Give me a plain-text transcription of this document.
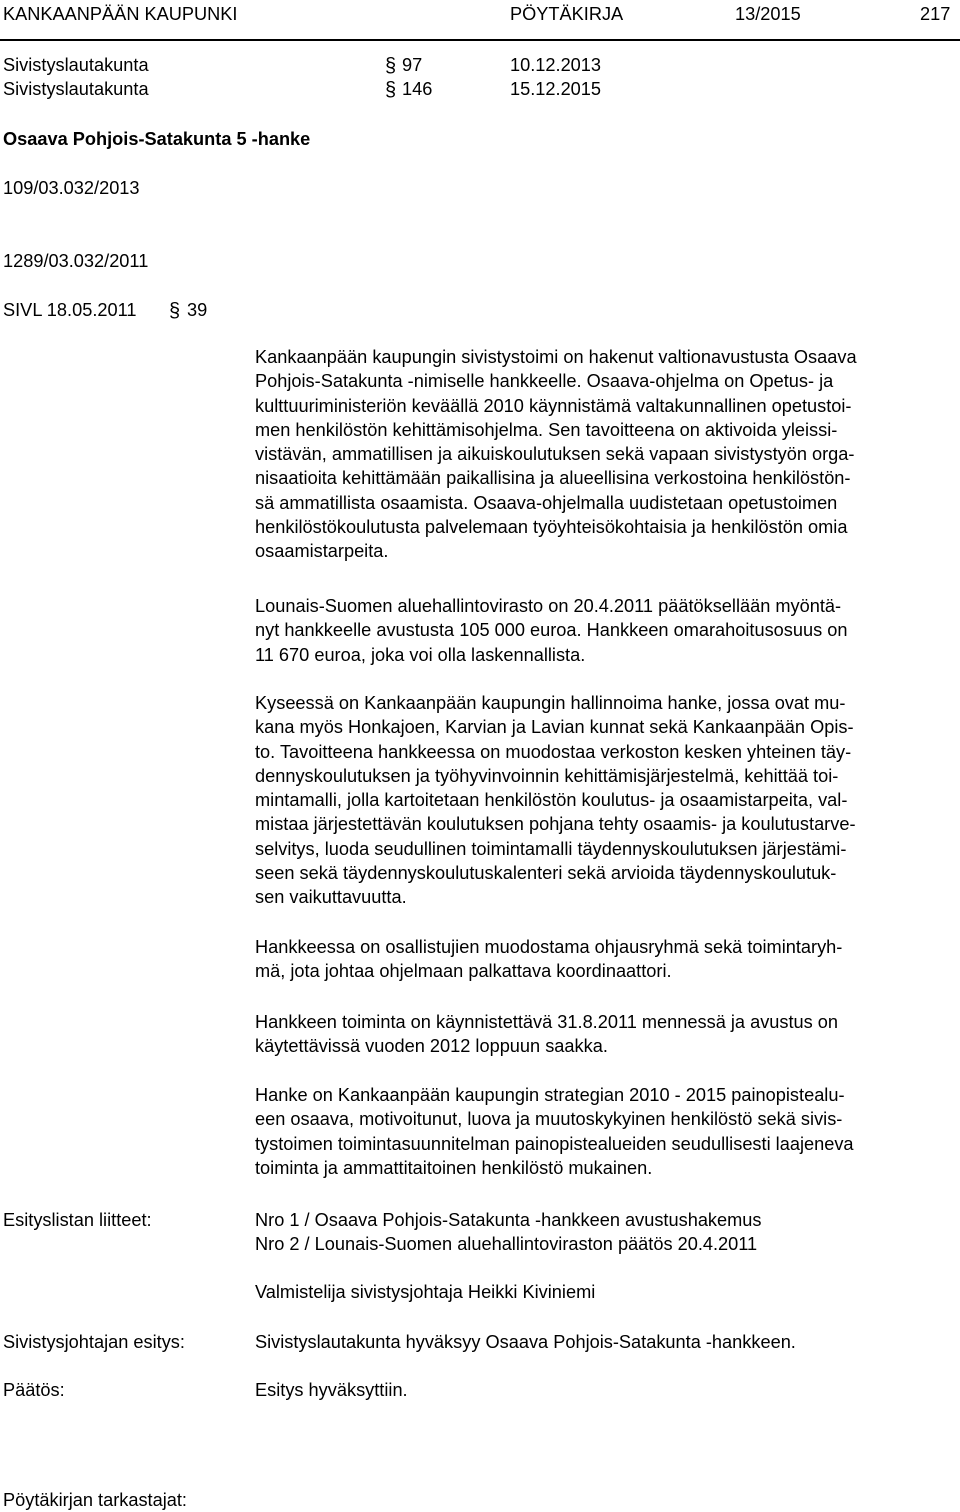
KANKAANPÄÄN KAUPUNKI	PÖYTÄKIRJA	13/2015	217
Sivistyslautakunta	§ 97	10.12.2013
Sivistyslautakunta	§ 146	15.12.2015
Osaava Pohjois-Satakunta 5 -hanke
109/03.032/2013
1289/03.032/2011
SIVL 18.05.2011 § 39
Kankaanpään kaupungin sivistystoimi on hakenut valtionavustusta Osaava
Pohjois-Satakunta -nimiselle hankkeelle. Osaava-ohjelma on Opetus- ja
kulttuuriministeriön keväällä 2010 käynnistämä valtakunnallinen opetustoi-
men henkilöstön kehittämisohjelma. Sen tavoitteena on aktivoida yleissi-
vistävän, ammatillisen ja aikuiskoulutuksen sekä vapaan sivistystyön orga-
nisaatioita kehittämään paikallisina ja alueellisina verkostoina henkilöstön-
sä ammatillista osaamista. Osaava-ohjelmalla uudistetaan opetustoimen
henkilöstökoulutusta palvelemaan työyhteisökohtaisia ja henkilöstön omia
osaamistarpeita.
Lounais-Suomen aluehallintovirasto on 20.4.2011 päätöksellään myöntä-
nyt hankkeelle avustusta 105 000 euroa. Hankkeen omarahoitusosuus on
11 670 euroa, joka voi olla laskennallista.
Kyseessä on Kankaanpään kaupungin hallinnoima hanke, jossa ovat mu-
kana myös Honkajoen, Karvian ja Lavian kunnat sekä Kankaanpään Opis-
to. Tavoitteena hankkeessa on muodostaa verkoston kesken yhteinen täy-
dennyskoulutuksen ja työhyvinvoinnin kehittämisjärjestelmä, kehittää toi-
mintamalli, jolla kartoitetaan henkilöstön koulutus- ja osaamistarpeita, val-
mistaa järjestettävän koulutuksen pohjana tehty osaamis- ja koulutustarve-
selvitys, luoda seudullinen toimintamalli täydennyskoulutuksen järjestämi-
seen sekä täydennyskoulutuskalenteri sekä arvioida täydennyskoulutuk-
sen vaikuttavuutta.
Hankkeessa on osallistujien muodostama ohjausryhmä sekä toimintaryh-
mä, jota johtaa ohjelmaan palkattava koordinaattori.
Hankkeen toiminta on käynnistettävä 31.8.2011 mennessä ja avustus on
käytettävissä vuoden 2012 loppuun saakka.
Hanke on Kankaanpään kaupungin strategian 2010 - 2015 painopistealu-
een osaava, motivoitunut, luova ja muutoskykyinen henkilöstö sekä sivis-
tystoimen toimintasuunnitelman painopistealueiden seudullisesti laajeneva
toiminta ja ammattitaitoinen henkilöstö mukainen.
Esityslistan liitteet:	Nro 1 / Osaava Pohjois-Satakunta -hankkeen avustushakemus
Nro 2 / Lounais-Suomen aluehallintoviraston päätös 20.4.2011
Valmistelija sivistysjohtaja Heikki Kiviniemi
Sivistysjohtajan esitys:	Sivistyslautakunta hyväksyy Osaava Pohjois-Satakunta -hankkeen.
Päätös:	Esitys hyväksyttiin.
Pöytäkirjan tarkastajat:
